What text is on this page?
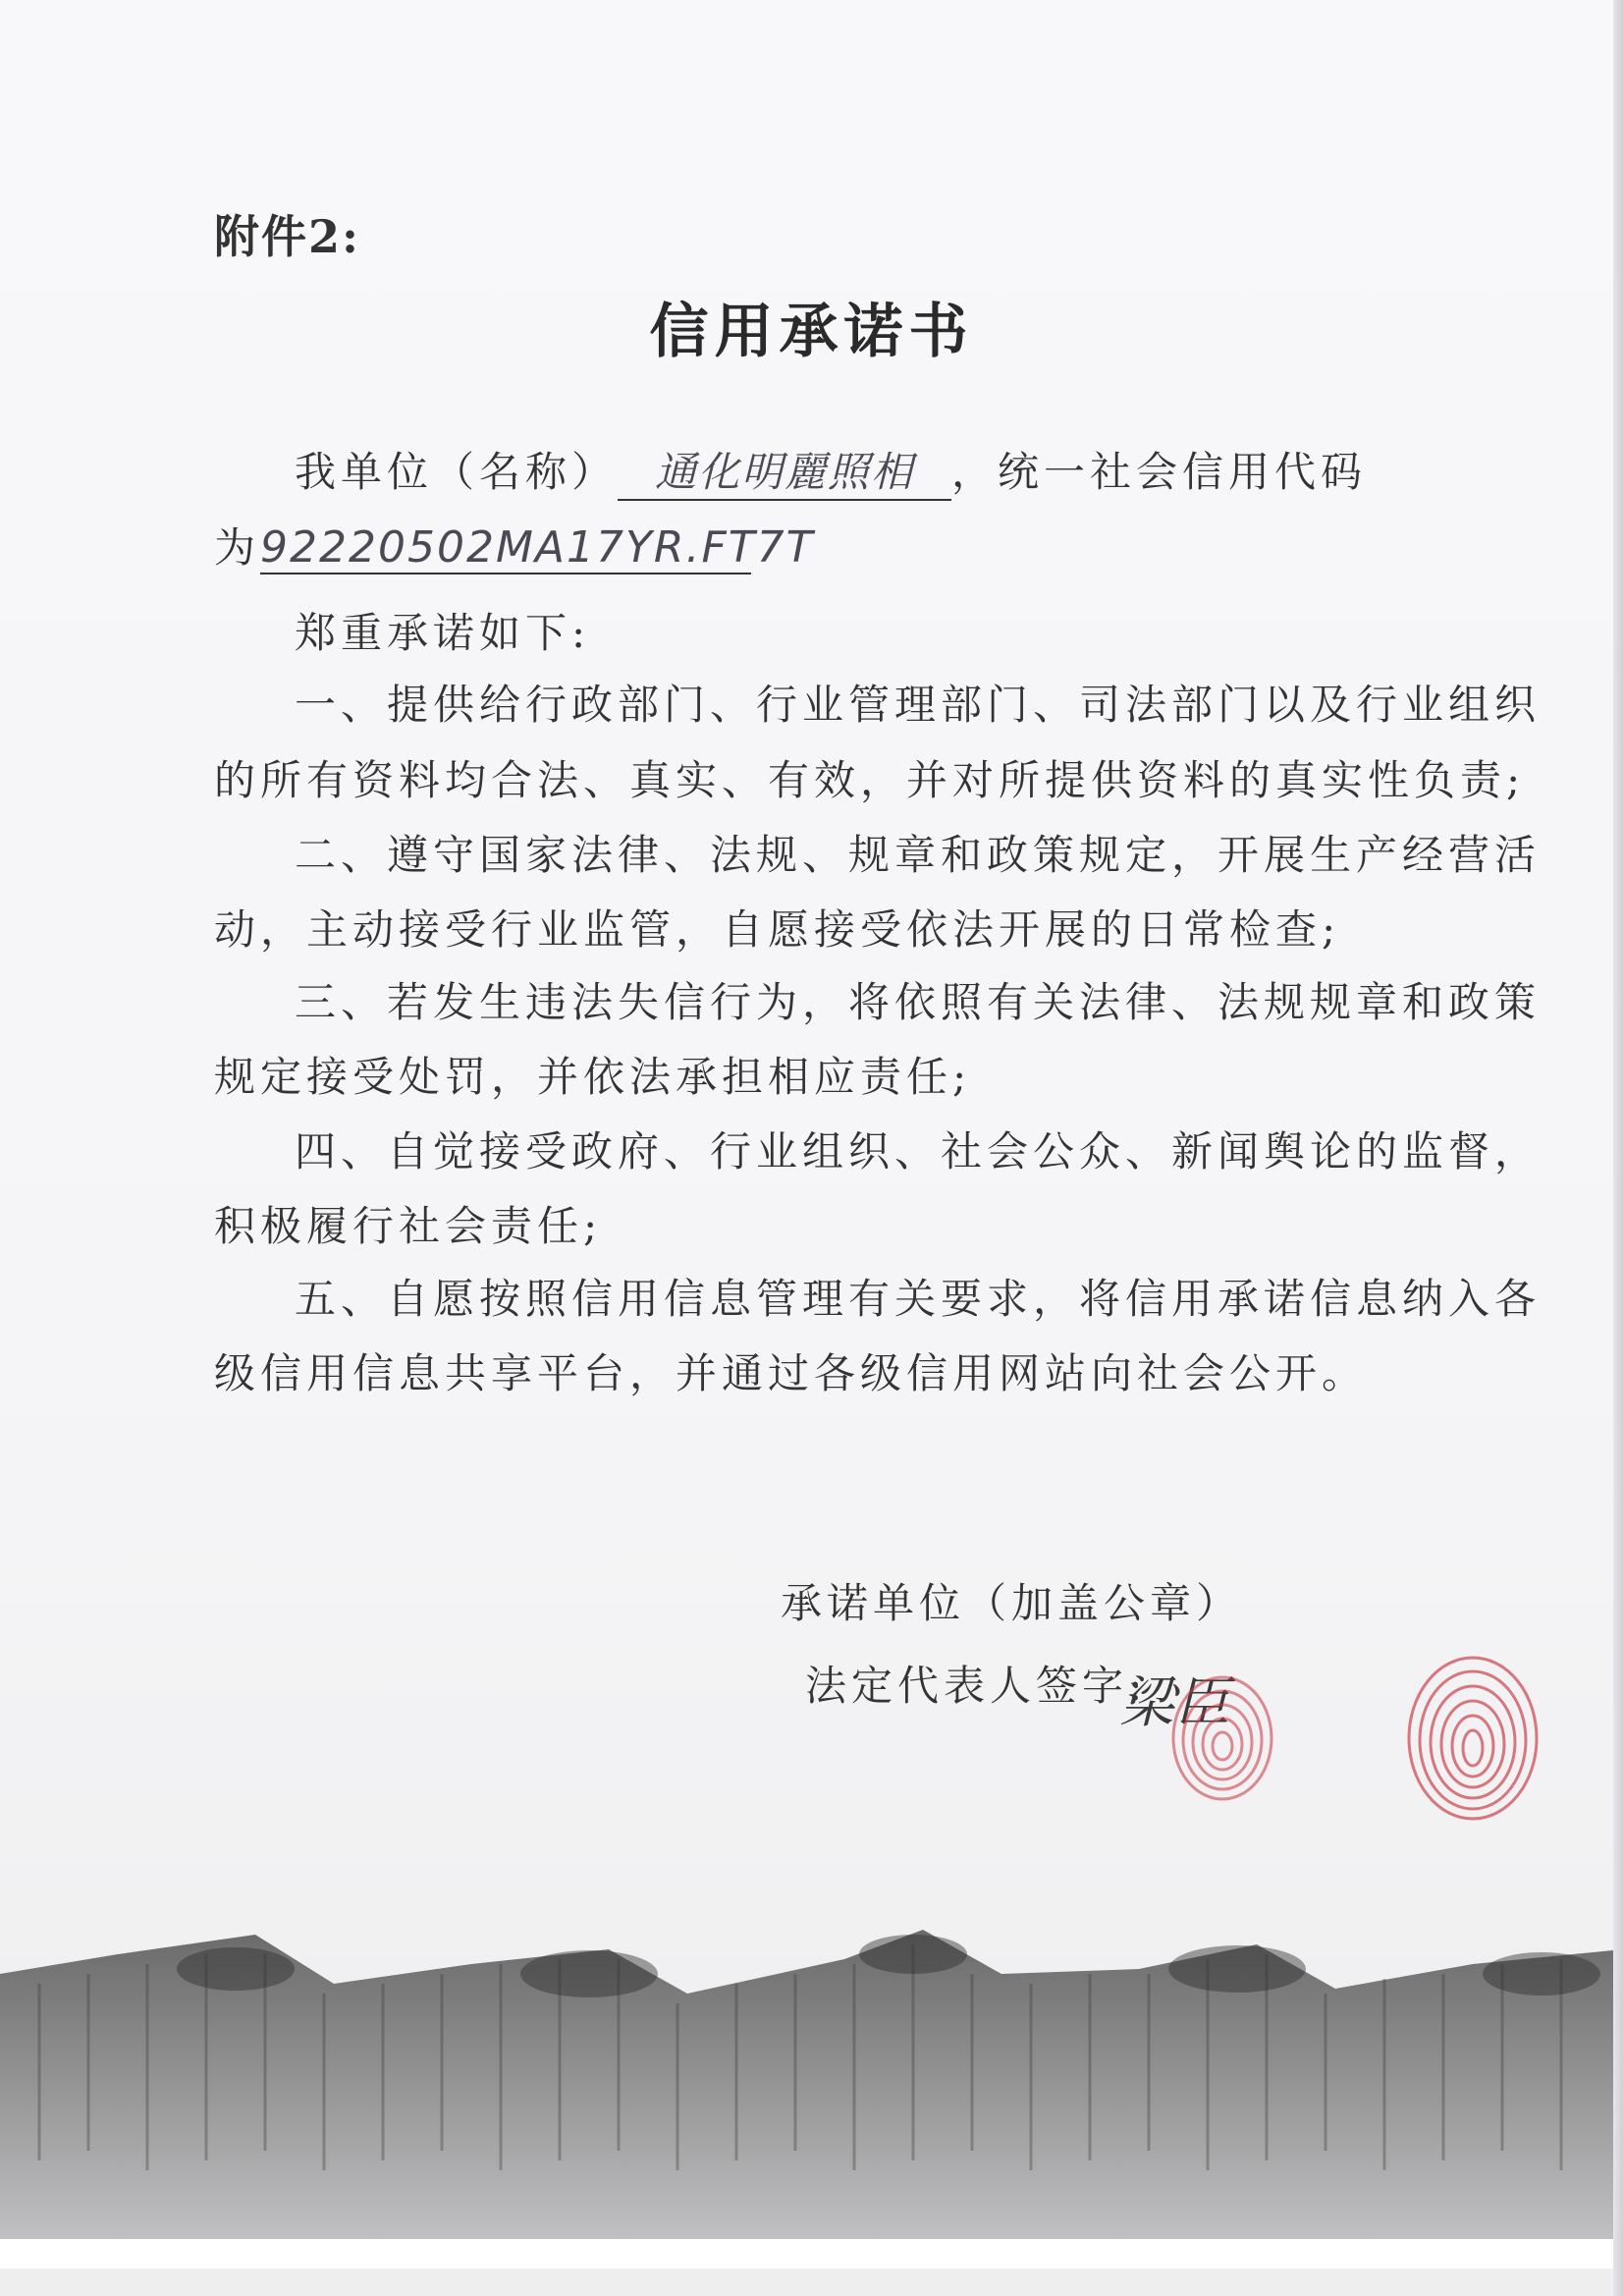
附件2:
信用承诺书
我单位（名称） 通化明麗照相 ，统一社会信用代码
为92220502MA17YR.FT7T
郑重承诺如下:
一、提供给行政部门、行业管理部门、司法部门以及行业组织
的所有资料均合法、真实、有效，并对所提供资料的真实性负责;
二、遵守国家法律、法规、规章和政策规定，开展生产经营活
动，主动接受行业监管，自愿接受依法开展的日常检查;
三、若发生违法失信行为，将依照有关法律、法规规章和政策
规定接受处罚，并依法承担相应责任;
四、自觉接受政府、行业组织、社会公众、新闻舆论的监督，
积极履行社会责任;
五、自愿按照信用信息管理有关要求，将信用承诺信息纳入各
级信用信息共享平台，并通过各级信用网站向社会公开。
承诺单位（加盖公章）
法定代表人签字:
梁臣
